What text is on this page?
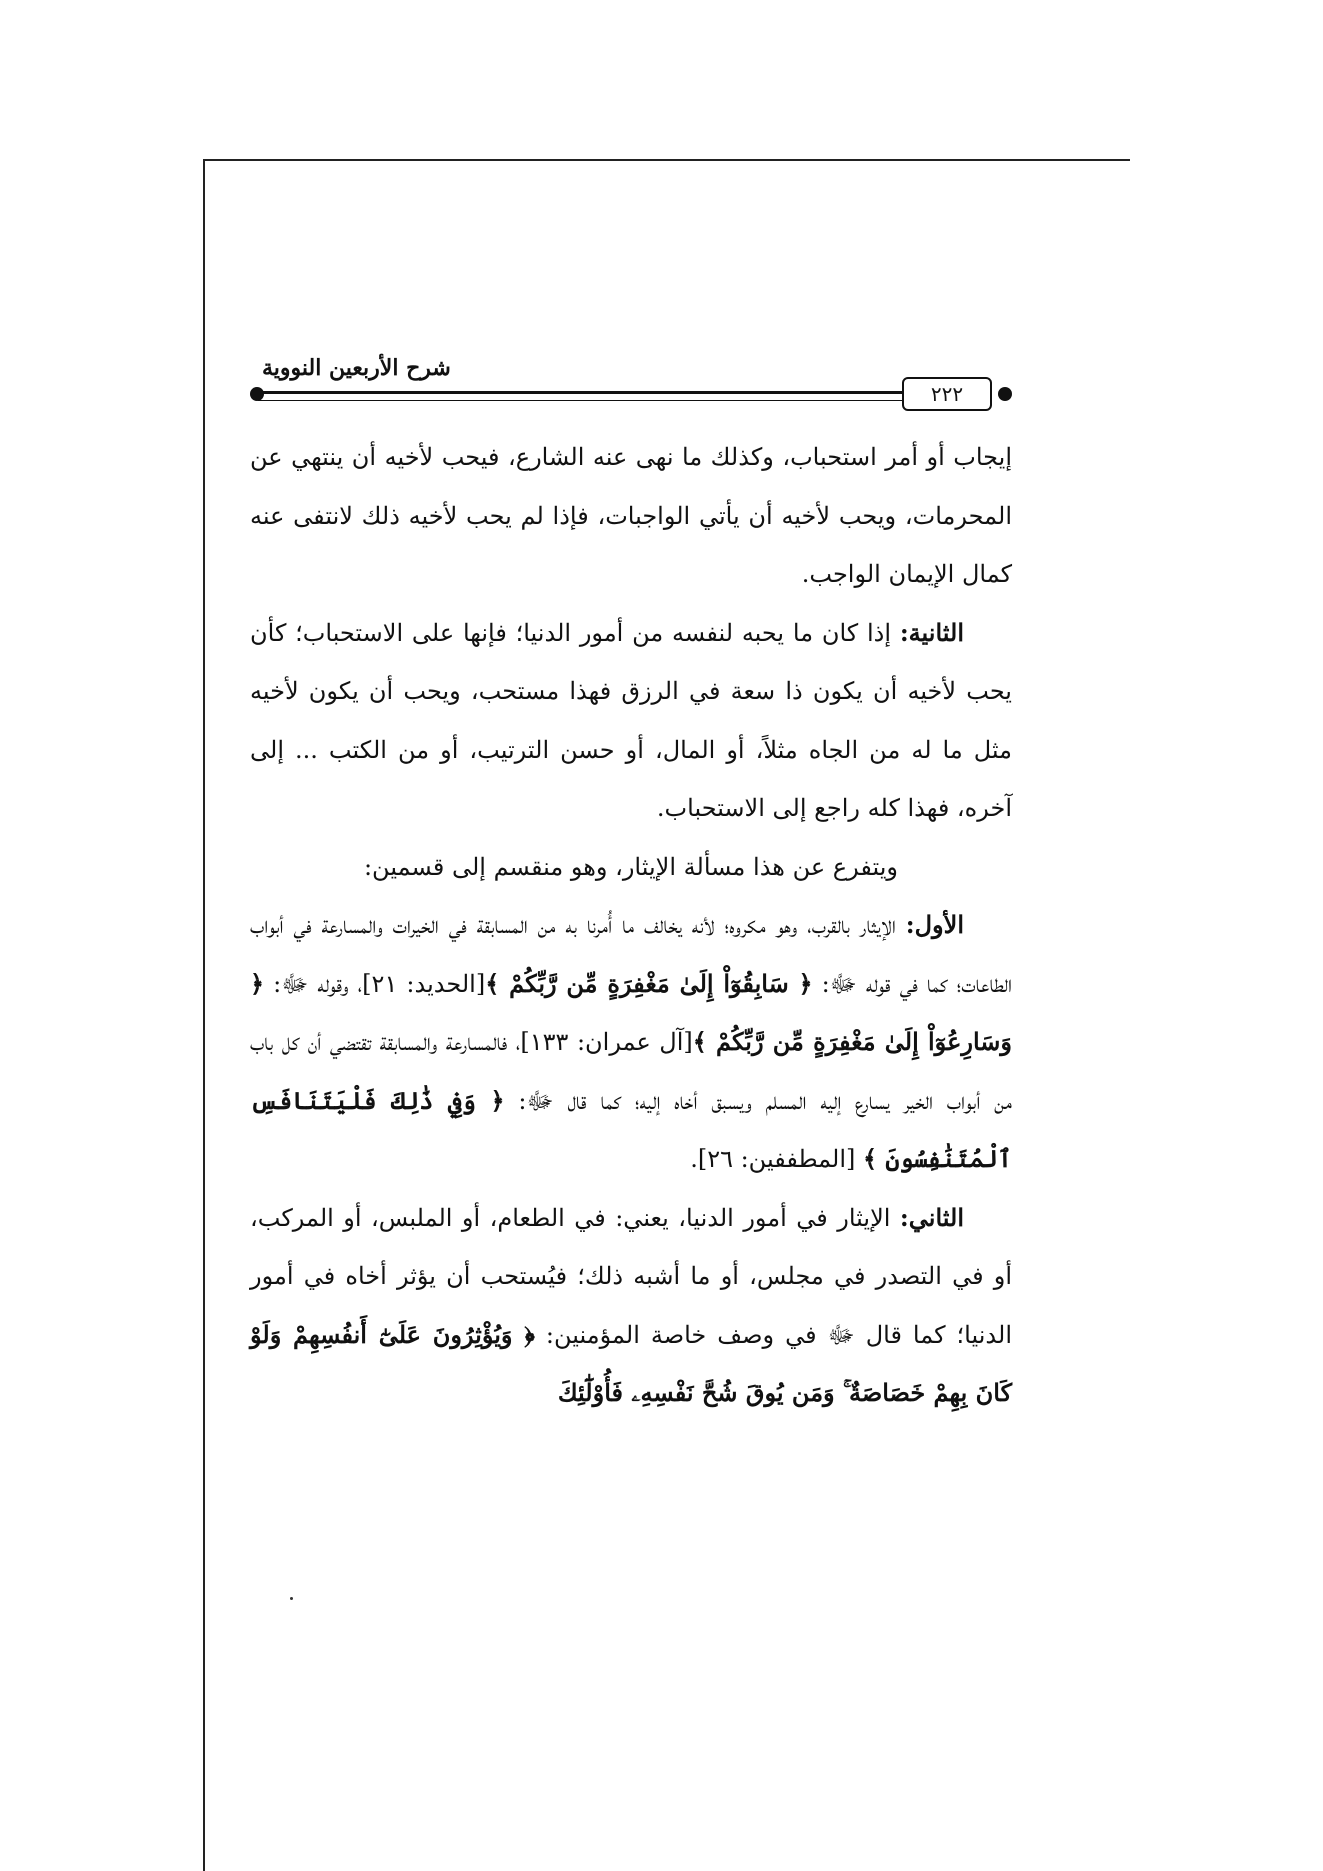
شرح الأربعين النووية
٢٢٢

إيجاب أو أمر استحباب، وكذلك ما نهى عنه الشارع، فيحب لأخيه أن ينتهي عن المحرمات، ويحب لأخيه أن يأتي الواجبات، فإذا لم يحب لأخيه ذلك لانتفى عنه كمال الإيمان الواجب.

الثانية: إذا كان ما يحبه لنفسه من أمور الدنيا؛ فإنها على الاستحباب؛ كأن يحب لأخيه أن يكون ذا سعة في الرزق فهذا مستحب، ويحب أن يكون لأخيه مثل ما له من الجاه مثلاً، أو المال، أو حسن الترتيب، أو من الكتب ... إلى آخره، فهذا كله راجع إلى الاستحباب.

ويتفرع عن هذا مسألة الإيثار، وهو منقسم إلى قسمين:

الأول: الإيثار بالقرب، وهو مكروه؛ لأنه يخالف ما أُمرنا به من المسابقة في الخيرات والمسارعة في أبواب الطاعات؛ كما في قوله ﷻ: ﴿ سَابِقُوٓاْ إِلَىٰ مَغْفِرَةٍ مِّن رَّبِّكُمْ ﴾[الحديد: ٢١]، وقوله ﷻ: ﴿ وَسَارِعُوٓاْ إِلَىٰ مَغْفِرَةٍ مِّن رَّبِّكُمْ ﴾[آل عمران: ١٣٣]، فالمسارعة والمسابقة تقتضي أن كل باب من أبواب الخير يسارع إليه المسلم ويسبق أخاه إليه؛ كما قال ﷻ: ﴿ وَفِي ذَٰلِكَ فَلْيَتَنَافَسِ ٱلْمُتَنَٰفِسُونَ ﴾ [المطففين: ٢٦].

الثاني: الإيثار في أمور الدنيا، يعني: في الطعام، أو الملبس، أو المركب، أو في التصدر في مجلس، أو ما أشبه ذلك؛ فيُستحب أن يؤثر أخاه في أمور الدنيا؛ كما قال ﷻ في وصف خاصة المؤمنين: ﴿ وَيُؤْثِرُونَ عَلَىٰٓ أَنفُسِهِمْ وَلَوْ كَانَ بِهِمْ خَصَاصَةٌ ۚ وَمَن يُوقَ شُحَّ نَفْسِهِۦ فَأُوْلَٰٓئِكَ
